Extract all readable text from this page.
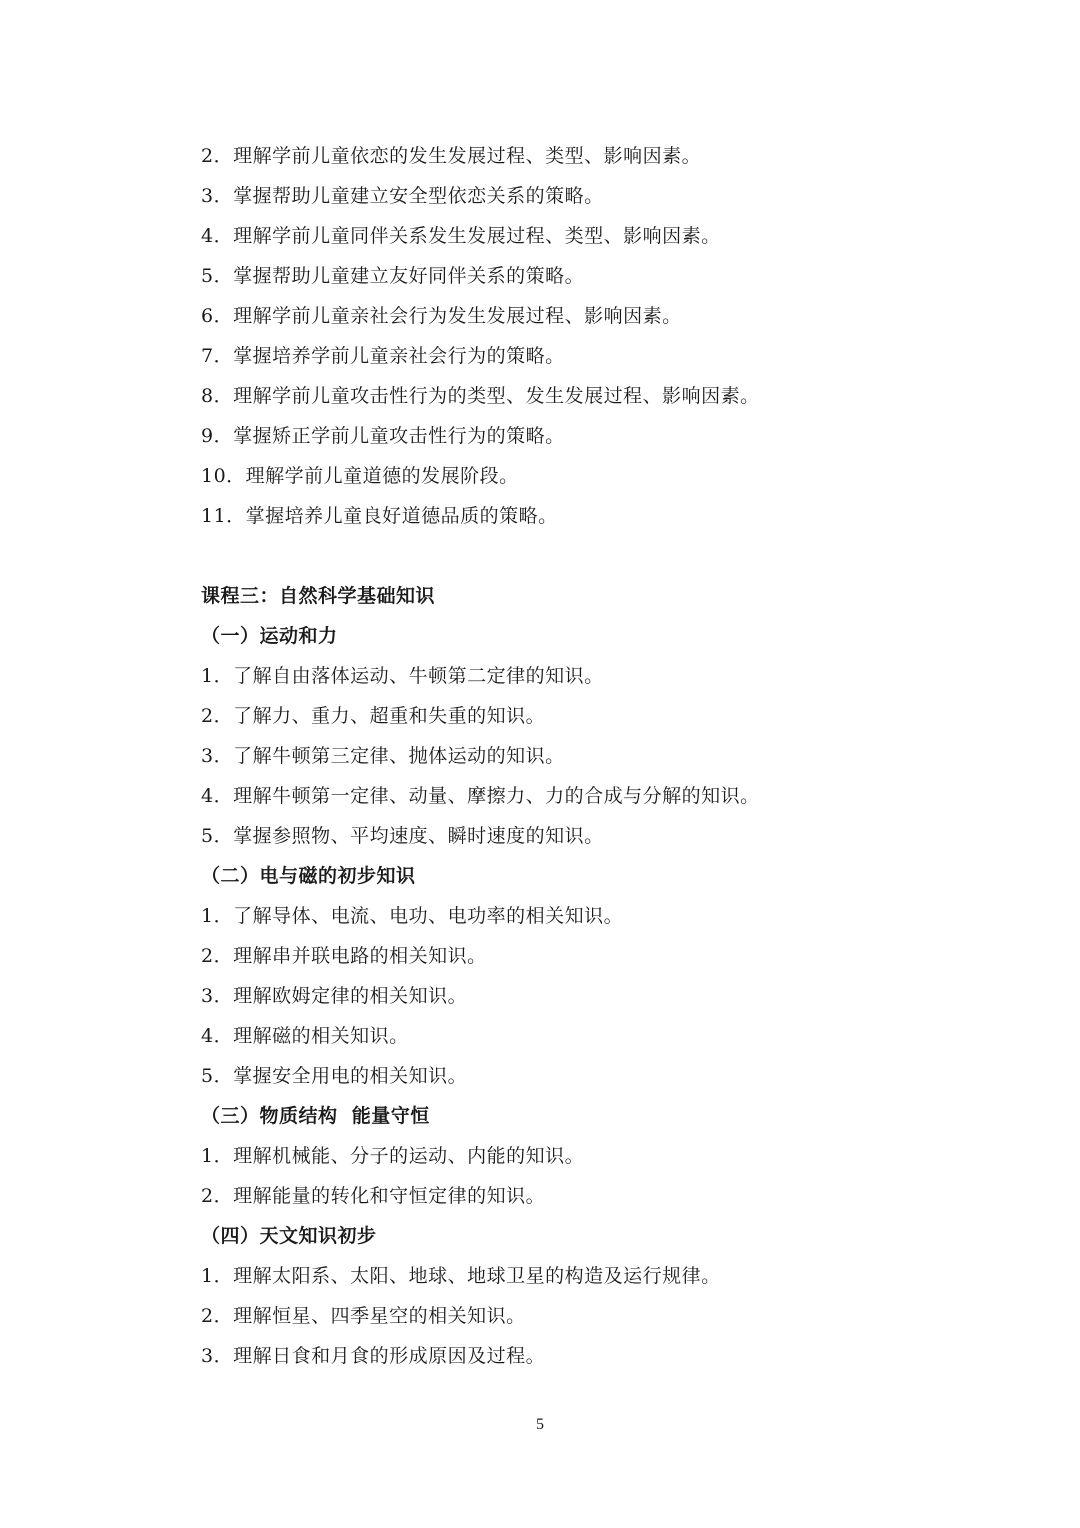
2．理解学前儿童依恋的发生发展过程、类型、影响因素。
3．掌握帮助儿童建立安全型依恋关系的策略。
4．理解学前儿童同伴关系发生发展过程、类型、影响因素。
5．掌握帮助儿童建立友好同伴关系的策略。
6．理解学前儿童亲社会行为发生发展过程、影响因素。
7．掌握培养学前儿童亲社会行为的策略。
8．理解学前儿童攻击性行为的类型、发生发展过程、影响因素。
9．掌握矫正学前儿童攻击性行为的策略。
10．理解学前儿童道德的发展阶段。
11．掌握培养儿童良好道德品质的策略。
课程三：自然科学基础知识
（一）运动和力
1．了解自由落体运动、牛顿第二定律的知识。
2．了解力、重力、超重和失重的知识。
3．了解牛顿第三定律、抛体运动的知识。
4．理解牛顿第一定律、动量、摩擦力、力的合成与分解的知识。
5．掌握参照物、平均速度、瞬时速度的知识。
（二）电与磁的初步知识
1．了解导体、电流、电功、电功率的相关知识。
2．理解串并联电路的相关知识。
3．理解欧姆定律的相关知识。
4．理解磁的相关知识。
5．掌握安全用电的相关知识。
（三）物质结构  能量守恒
1．理解机械能、分子的运动、内能的知识。
2．理解能量的转化和守恒定律的知识。
（四）天文知识初步
1．理解太阳系、太阳、地球、地球卫星的构造及运行规律。
2．理解恒星、四季星空的相关知识。
3．理解日食和月食的形成原因及过程。
5
